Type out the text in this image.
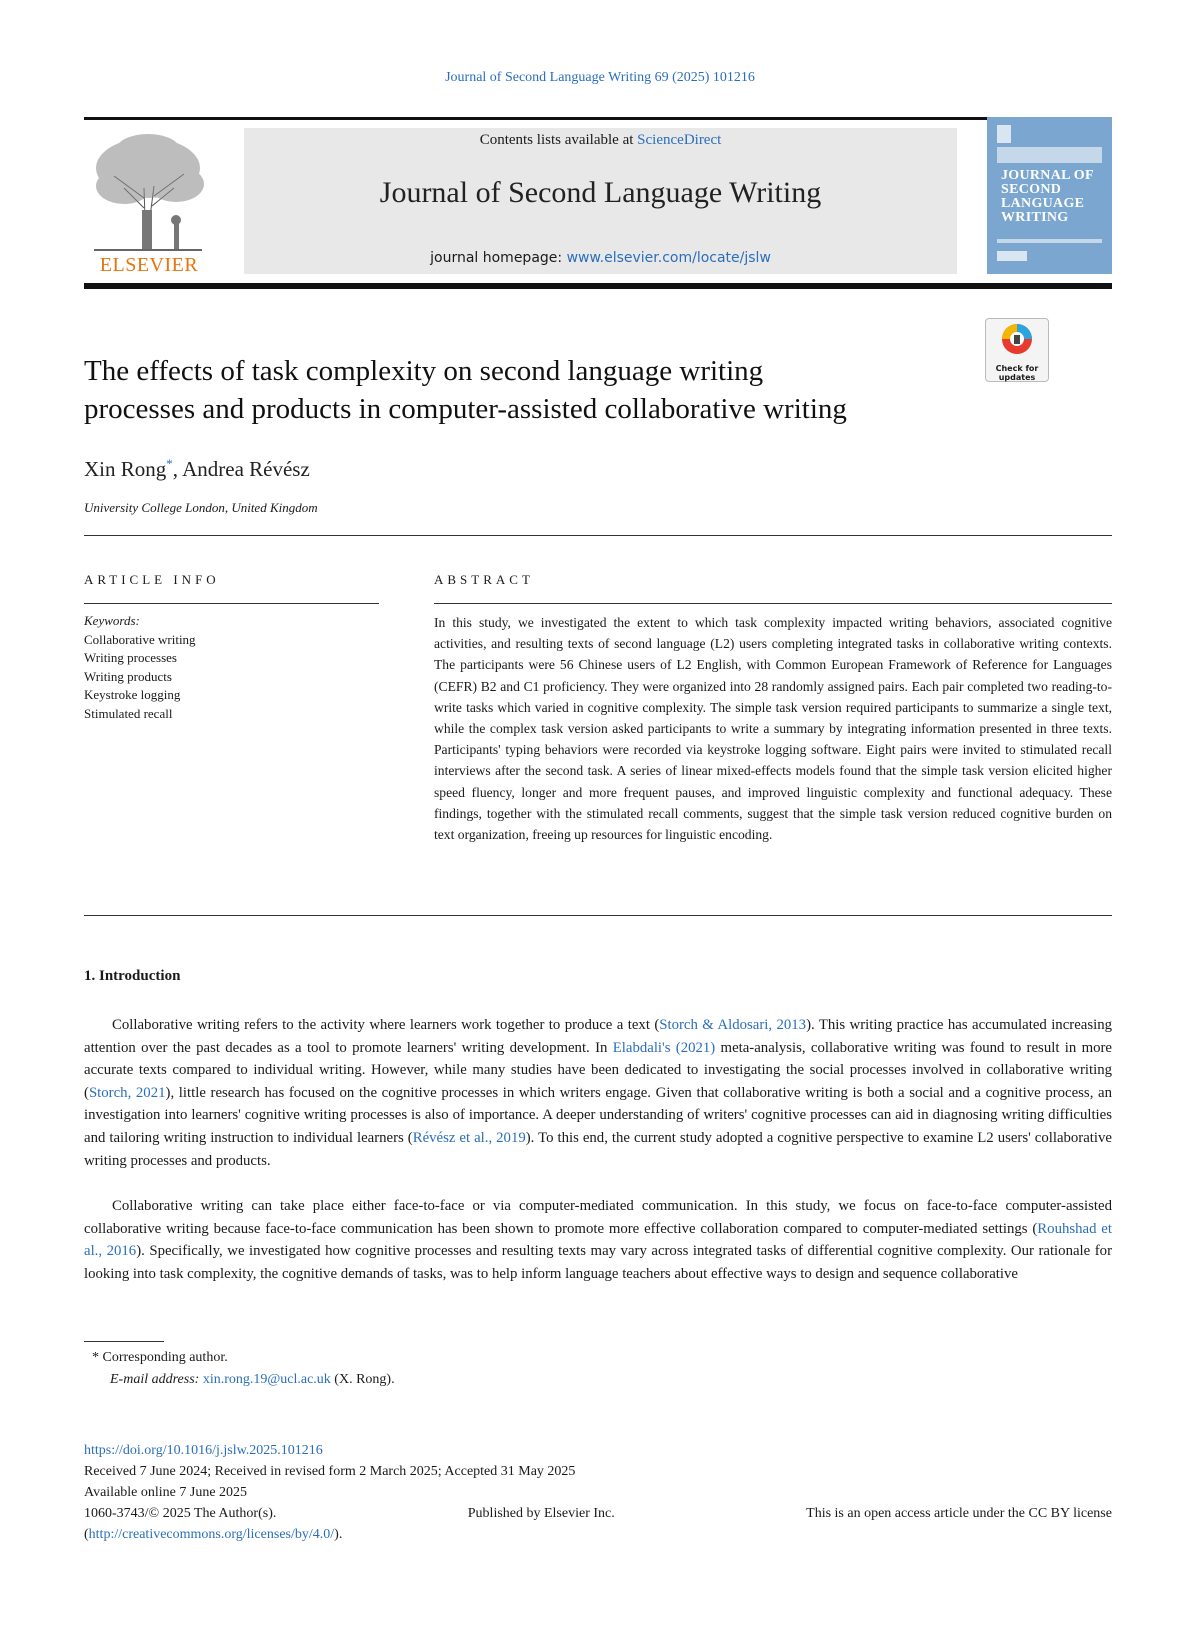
Journal of Second Language Writing 69 (2025) 101216
ELSEVIER
Contents lists available at ScienceDirect
Journal of Second Language Writing
journal homepage: www.elsevier.com/locate/jslw
JOURNAL OF
SECOND
LANGUAGE
WRITING
Check for updates
The effects of task complexity on second language writing
processes and products in computer-assisted collaborative writing
Xin Rong*, Andrea Révész
University College London, United Kingdom
ARTICLE INFO	ABSTRACT
Keywords:
Collaborative writing
Writing processes
Writing products
Keystroke logging
Stimulated recall

In this study, we investigated the extent to which task complexity impacted writing behaviors, associated cognitive activities, and resulting texts of second language (L2) users completing integrated tasks in collaborative writing contexts. The participants were 56 Chinese users of L2 English, with Common European Framework of Reference for Languages (CEFR) B2 and C1 proficiency. They were organized into 28 randomly assigned pairs. Each pair completed two reading-to-write tasks which varied in cognitive complexity. The simple task version required participants to summarize a single text, while the complex task version asked participants to write a summary by integrating information presented in three texts. Participants' typing behaviors were recorded via keystroke logging software. Eight pairs were invited to stimulated recall interviews after the second task. A series of linear mixed-effects models found that the simple task version elicited higher speed fluency, longer and more frequent pauses, and improved linguistic complexity and functional adequacy. These findings, together with the stimulated recall comments, suggest that the simple task version reduced cognitive burden on text organization, freeing up resources for linguistic encoding.

1. Introduction

Collaborative writing refers to the activity where learners work together to produce a text (Storch & Aldosari, 2013). This writing practice has accumulated increasing attention over the past decades as a tool to promote learners' writing development. In Elabdali's (2021) meta-analysis, collaborative writing was found to result in more accurate texts compared to individual writing. However, while many studies have been dedicated to investigating the social processes involved in collaborative writing (Storch, 2021), little research has focused on the cognitive processes in which writers engage. Given that collaborative writing is both a social and a cognitive process, an investigation into learners' cognitive writing processes is also of importance. A deeper understanding of writers' cognitive processes can aid in diagnosing writing difficulties and tailoring writing instruction to individual learners (Révész et al., 2019). To this end, the current study adopted a cognitive perspective to examine L2 users' collaborative writing processes and products.

Collaborative writing can take place either face-to-face or via computer-mediated communication. In this study, we focus on face-to-face computer-assisted collaborative writing because face-to-face communication has been shown to promote more effective collaboration compared to computer-mediated settings (Rouhshad et al., 2016). Specifically, we investigated how cognitive processes and resulting texts may vary across integrated tasks of differential cognitive complexity. Our rationale for looking into task complexity, the cognitive demands of tasks, was to help inform language teachers about effective ways to design and sequence collaborative

* Corresponding author.
E-mail address: xin.rong.19@ucl.ac.uk (X. Rong).
https://doi.org/10.1016/j.jslw.2025.101216
Received 7 June 2024; Received in revised form 2 March 2025; Accepted 31 May 2025
Available online 7 June 2025
1060-3743/© 2025 The Author(s).	Published by Elsevier Inc.	This is an open access article under the CC BY license
(http://creativecommons.org/licenses/by/4.0/).
